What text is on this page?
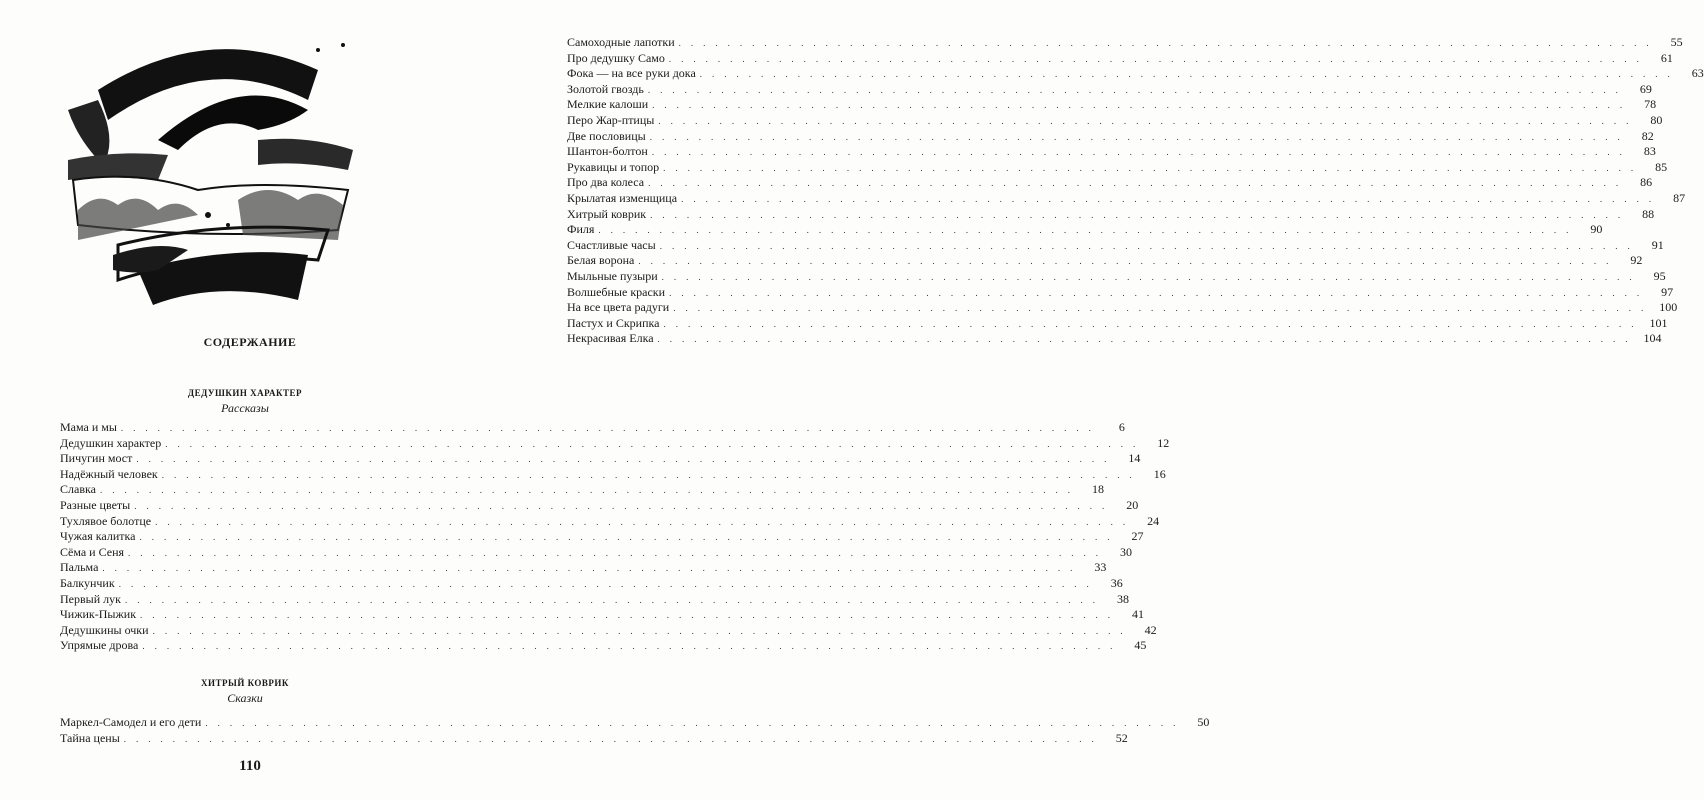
СОДЕРЖАНИЕ
ДЕДУШКИН ХАРАКТЕР
Рассказы
Мама и мы ................................................................................	6
Дедушкин характер ................................................................................	12
Пичугин мост ................................................................................	14
Надёжный человек ................................................................................	16
Славка ................................................................................	18
Разные цветы ................................................................................	20
Тухлявое болотце ................................................................................	24
Чужая калитка ................................................................................	27
Сёма и Сеня ................................................................................	30
Пальма ................................................................................	33
Балкунчик ................................................................................	36
Первый лук ................................................................................	38
Чижик-Пыжик ................................................................................	41
Дедушкины очки ................................................................................	42
Упрямые дрова ................................................................................	45
ХИТРЫЙ КОВРИК
Сказки
Маркел-Самодел и его дети ................................................................................	50
Тайна цены ................................................................................	52
110
Самоходные лапотки ................................................................................	55
Про дедушку Само ................................................................................	61
Фока — на все руки дока ................................................................................	63
Золотой гвоздь ................................................................................	69
Мелкие калоши ................................................................................	78
Перо Жар-птицы ................................................................................	80
Две пословицы ................................................................................	82
Шантон-болтон ................................................................................	83
Рукавицы и топор ................................................................................	85
Про два колеса ................................................................................	86
Крылатая изменщица ................................................................................	87
Хитрый коврик ................................................................................	88
Филя ................................................................................	90
Счастливые часы ................................................................................	91
Белая ворона ................................................................................	92
Мыльные пузыри ................................................................................	95
Волшебные краски ................................................................................	97
На все цвета радуги ................................................................................ 100
Пастух и Скрипка ................................................................................ 101
Некрасивая Елка ................................................................................ 104
